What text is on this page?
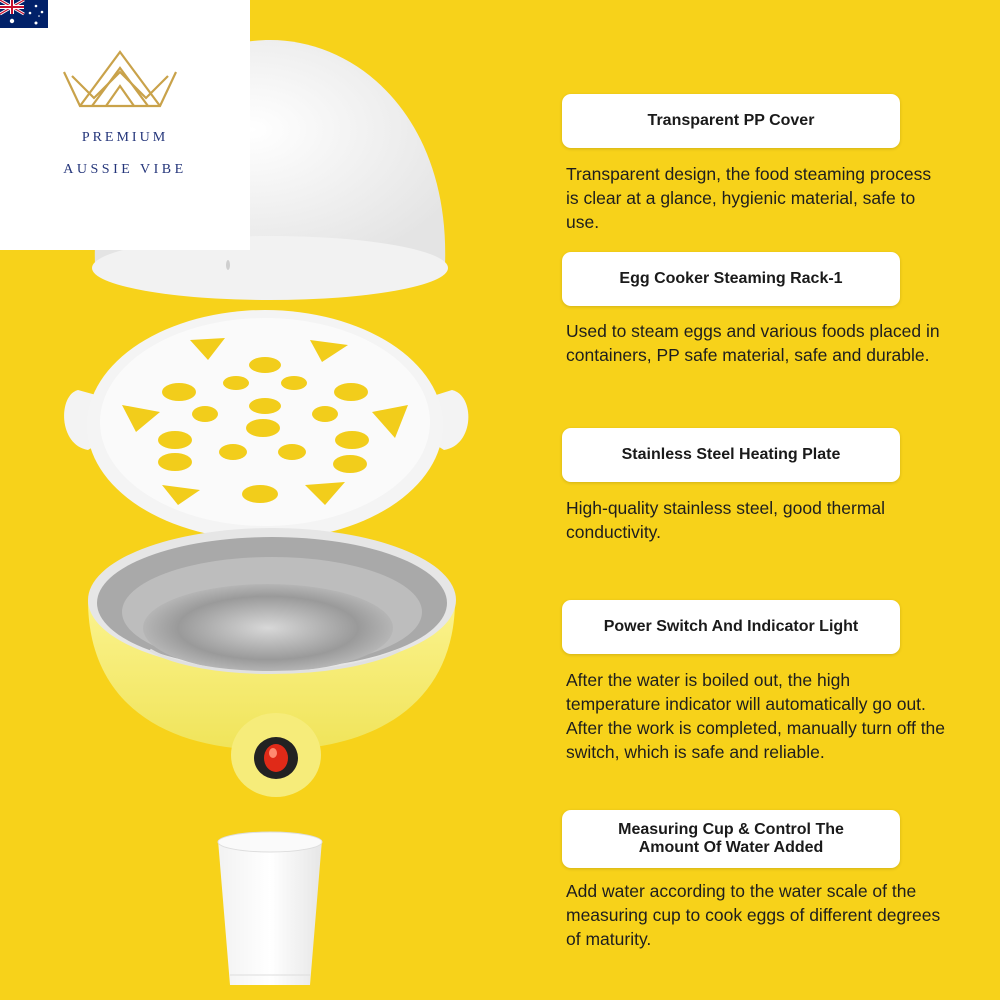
PREMIUM
AUSSIE VIBE
Transparent PP Cover
Transparent design, the food steaming process is clear at a glance, hygienic material, safe to use.
Egg Cooker Steaming Rack-1
Used to steam eggs and various foods placed in containers, PP safe material, safe and durable.
Stainless Steel Heating Plate
High-quality stainless steel, good thermal conductivity.
Power Switch And Indicator Light
After the water is boiled out, the high temperature indicator will automatically go out. After the work is completed, manually turn off the switch, which is safe and reliable.
Measuring Cup & Control The Amount Of Water Added
Add water according to the water scale of the measuring cup to cook eggs of different degrees of maturity.
